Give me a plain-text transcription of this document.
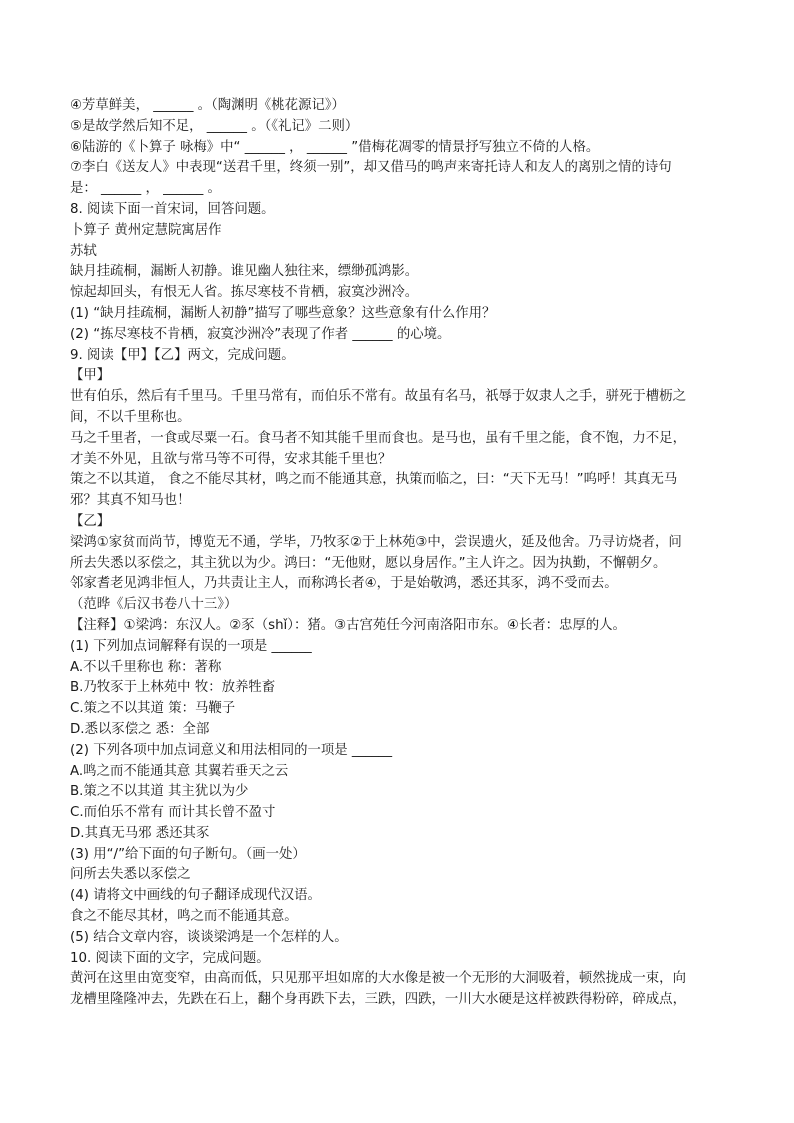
④芳草鲜美， ______ 。（陶渊明《桃花源记》）
⑤是故学然后知不足， ______ 。（《礼记》二则）
⑥陆游的《卜算子 咏梅》中“ ______ ， ______ ”借梅花凋零的情景抒写独立不倚的人格。
⑦李白《送友人》中表现“送君千里，终须一别”，却又借马的鸣声来寄托诗人和友人的离别之情的诗句
是： ______ ， ______ 。
8. 阅读下面一首宋词，回答问题。
卜算子 黄州定慧院寓居作
苏轼
缺月挂疏桐，漏断人初静。谁见幽人独往来，缥缈孤鸿影。
惊起却回头，有恨无人省。拣尽寒枝不肯栖，寂寞沙洲冷。
(1) “缺月挂疏桐，漏断人初静”描写了哪些意象？这些意象有什么作用？
(2) “拣尽寒枝不肯栖，寂寞沙洲冷”表现了作者 ______ 的心境。
9. 阅读【甲】【乙】两文，完成问题。
【甲】
世有伯乐，然后有千里马。千里马常有，而伯乐不常有。故虽有名马，祇辱于奴隶人之手，骈死于槽枥之
间，不以千里称也。
马之千里者，一食或尽粟一石。食马者不知其能千里而食也。是马也，虽有千里之能，食不饱，力不足，
才美不外见，且欲与常马等不可得，安求其能千里也？
策之不以其道， 食之不能尽其材，鸣之而不能通其意，执策而临之，曰：“天下无马！”呜呼！其真无马
邪？其真不知马也！
【乙】
梁鸿①家贫而尚节，博览无不通，学毕，乃牧豕②于上林苑③中，尝误遗火，延及他舍。乃寻访烧者，问
所去失悉以豕偿之，其主犹以为少。鸿曰：“无他财，愿以身居作。”主人许之。因为执勤，不懈朝夕。
邻家耆老见鸿非恒人，乃共责让主人，而称鸿长者④，于是始敬鸿，悉还其豕，鸿不受而去。
（范晔《后汉书卷八十三》）
【注释】①梁鸿：东汉人。②豕（shǐ）：猪。③古宫苑任今河南洛阳市东。④长者：忠厚的人。
(1) 下列加点词解释有误的一项是 ______
A.不以千里称也 称：著称
B.乃牧豕于上林苑中 牧：放养牲畜
C.策之不以其道 策：马鞭子
D.悉以豕偿之 悉：全部
(2) 下列各项中加点词意义和用法相同的一项是 ______
A.鸣之而不能通其意 其翼若垂天之云
B.策之不以其道 其主犹以为少
C.而伯乐不常有 而计其长曾不盈寸
D.其真无马邪 悉还其豕
(3) 用“/”给下面的句子断句。（画一处）
问所去失悉以豕偿之
(4) 请将文中画线的句子翻译成现代汉语。
食之不能尽其材，鸣之而不能通其意。
(5) 结合文章内容，谈谈梁鸿是一个怎样的人。
10. 阅读下面的文字，完成问题。
黄河在这里由宽变窄，由高而低，只见那平坦如席的大水像是被一个无形的大洞吸着，顿然拢成一束，向
龙槽里隆隆冲去，先跌在石上，翻个身再跌下去，三跌，四跌，一川大水硬是这样被跌得粉碎，碎成点，
